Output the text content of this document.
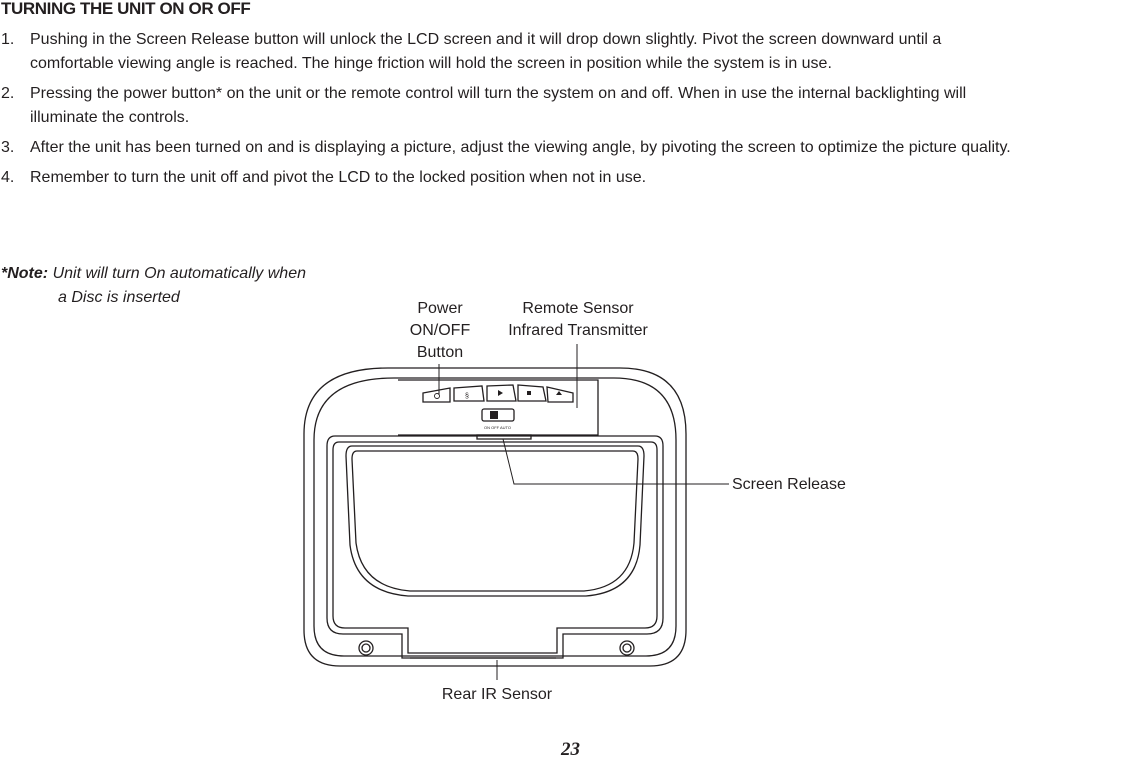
TURNING THE UNIT ON OR OFF
1. Pushing in the Screen Release button will unlock the LCD screen and it will drop down slightly. Pivot the screen downward until a
comfortable viewing angle is reached. The hinge friction will hold the screen in position while the system is in use.
2. Pressing the power button* on the unit or the remote control will turn the system on and off. When in use the internal backlighting will
illuminate the controls.
3. After the unit has been turned on and is displaying a picture, adjust the viewing angle, by pivoting the screen to optimize the picture quality.
4. Remember to turn the unit off and pivot the LCD to the locked position when not in use.
*Note: Unit will turn On automatically when
a Disc is inserted
§
ON OFF AUTO
Power
ON/OFF
Button
Remote Sensor
Infrared Transmitter
Screen Release
Rear IR Sensor
23
